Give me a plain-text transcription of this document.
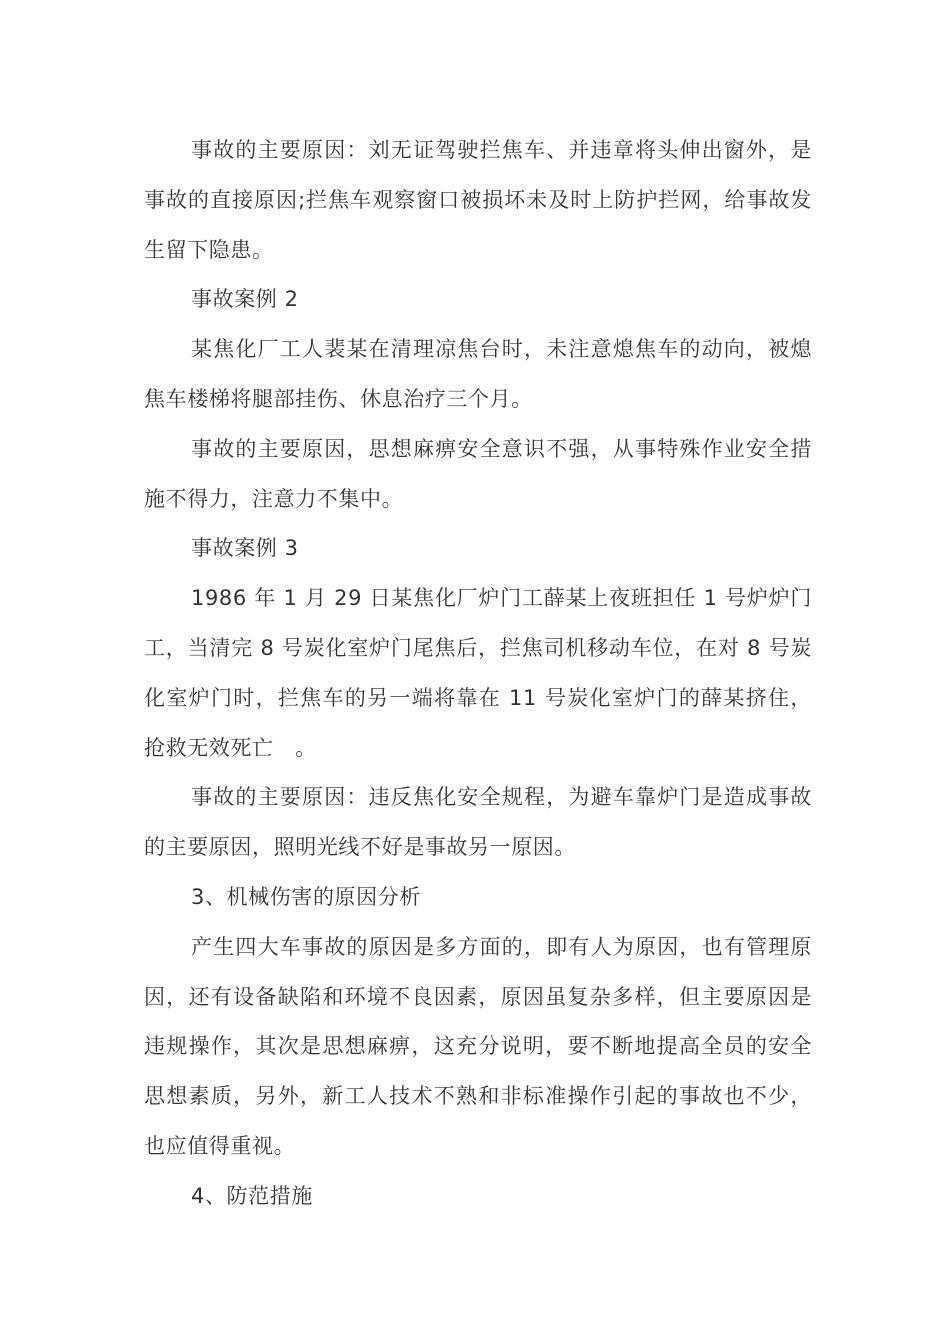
事故的主要原因：刘无证驾驶拦焦车、并违章将头伸出窗外，是事故的直接原因;拦焦车观察窗口被损坏未及时上防护拦网，给事故发生留下隐患。

事故案例 2

某焦化厂工人裴某在清理凉焦台时，未注意熄焦车的动向，被熄焦车楼梯将腿部挂伤、休息治疗三个月。

事故的主要原因，思想麻痹安全意识不强，从事特殊作业安全措施不得力，注意力不集中。

事故案例 3

1986 年 1 月 29 日某焦化厂炉门工薛某上夜班担任 1 号炉炉门工，当清完 8 号炭化室炉门尾焦后，拦焦司机移动车位，在对 8 号炭化室炉门时，拦焦车的另一端将靠在 11 号炭化室炉门的薛某挤住，抢救无效死亡　。

事故的主要原因：违反焦化安全规程，为避车靠炉门是造成事故的主要原因，照明光线不好是事故另一原因。

3、机械伤害的原因分析

产生四大车事故的原因是多方面的，即有人为原因，也有管理原因，还有设备缺陷和环境不良因素，原因虽复杂多样，但主要原因是违规操作，其次是思想麻痹，这充分说明，要不断地提高全员的安全思想素质，另外，新工人技术不熟和非标准操作引起的事故也不少，也应值得重视。

4、防范措施
